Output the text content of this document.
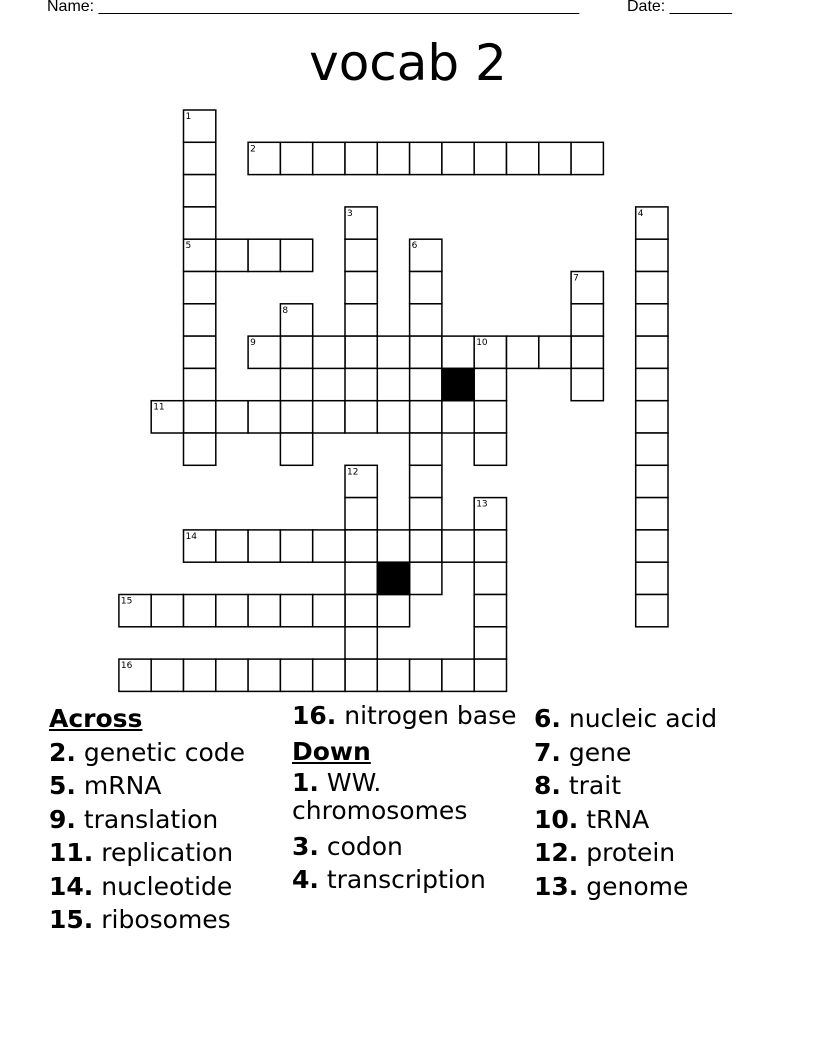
Name: ______________________________________________________	Date: _______
vocab 2
1
2
3	4
5	6
7
8
9	10
11
12
13
14
15
16
Across
2. genetic code
5. mRNA
9. translation
11. replication
14. nucleotide
15. ribosomes
16. nitrogen base
Down
1. WW. chromosomes
3. codon
4. transcription
6. nucleic acid
7. gene
8. trait
10. tRNA
12. protein
13. genome
